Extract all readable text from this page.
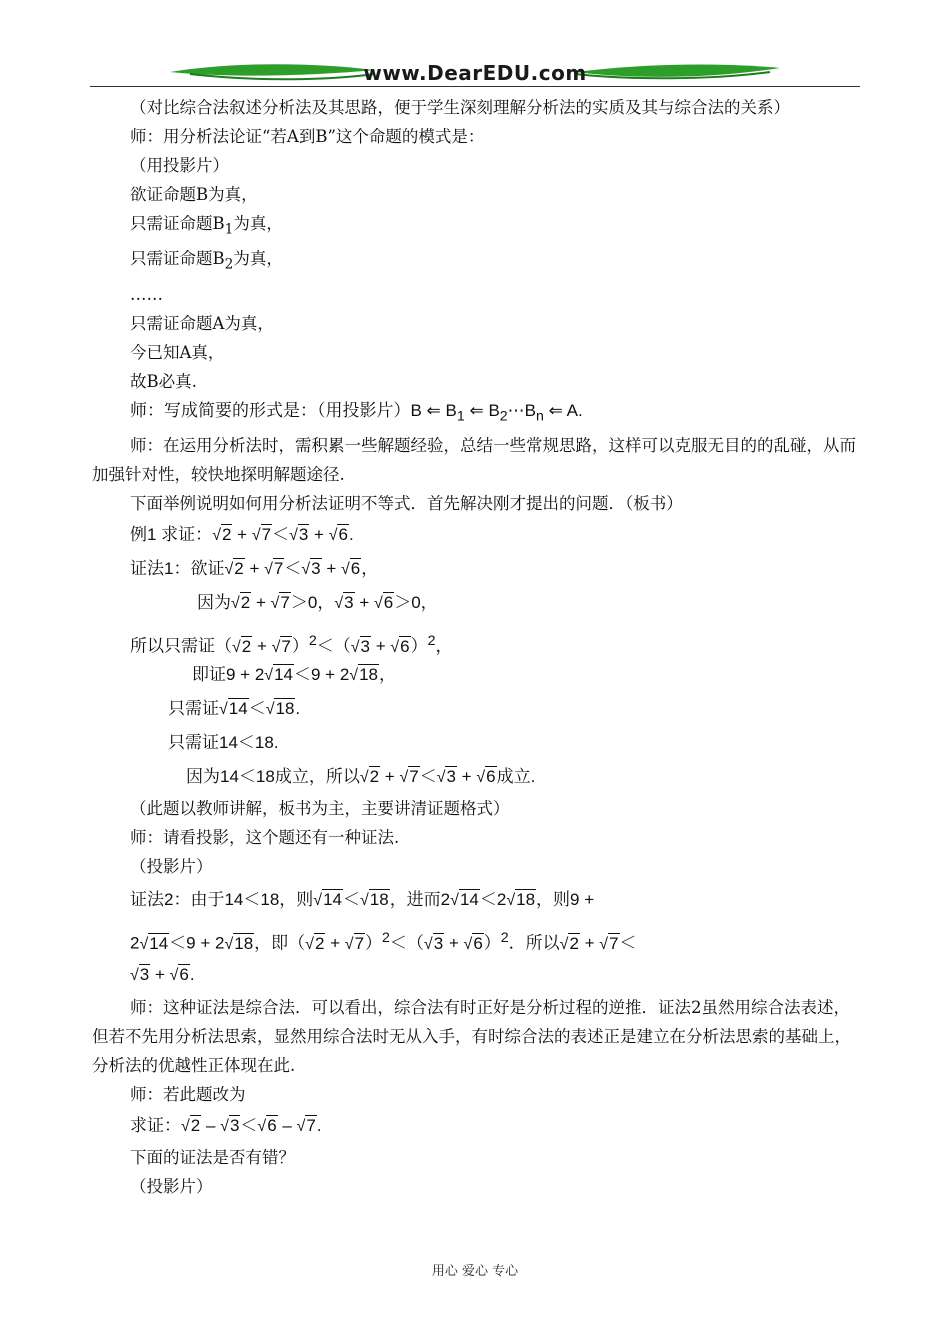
www.DearEDU.com
（对比综合法叙述分析法及其思路，便于学生深刻理解分析法的实质及其与综合法的关系）
师：用分析法论证“若A到B”这个命题的模式是：
（用投影片）
欲证命题B为真，
只需证命题$B_1$为真，
只需证命题$B_2$为真，
……
只需证命题A为真，
今已知A真，
故B必真.
师：写成简要的形式是：（用投影片）B ⇐ $B_1$ ⇐ $B_2\cdots B_n$ ⇐ A.
师：在运用分析法时，需积累一些解题经验，总结一些常规思路，这样可以克服无目的的乱碰，从而加强针对性，较快地探明解题途径.
下面举例说明如何用分析法证明不等式．首先解决刚才提出的问题．（板书）
例1 求证：√2 + √7＜√3 + √6.
证法1：欲证√2 + √7＜√3 + √6，
因为√2 + √7＞0，√3 + √6＞0，
所以只需证$(√2 + √7)^2<(√3 + √6)^2$，
即证9 + 2√14＜9 + 2√18，
只需证√14＜√18.
只需证14＜18.
因为14＜18成立，所以√2 + √7＜√3 + √6成立.
（此题以教师讲解，板书为主，主要讲清证题格式）
师：请看投影，这个题还有一种证法.
（投影片）
证法2：由于14＜18，则√14＜√18，进而2√14＜2√18，则9 +
2√14＜9 + 2√18，即$(√2 + √7)^2<(√3 + √6)^2$．所以√2 + √7＜
√3 + √6.
师：这种证法是综合法．可以看出，综合法有时正好是分析过程的逆推．证法2虽然用综合法表述，但若不先用分析法思索，显然用综合法时无从入手，有时综合法的表述正是建立在分析法思索的基础上，分析法的优越性正体现在此.
师：若此题改为
求证：√2 – √3＜√6 – √7.
下面的证法是否有错？
（投影片）
用心 爱心 专心
